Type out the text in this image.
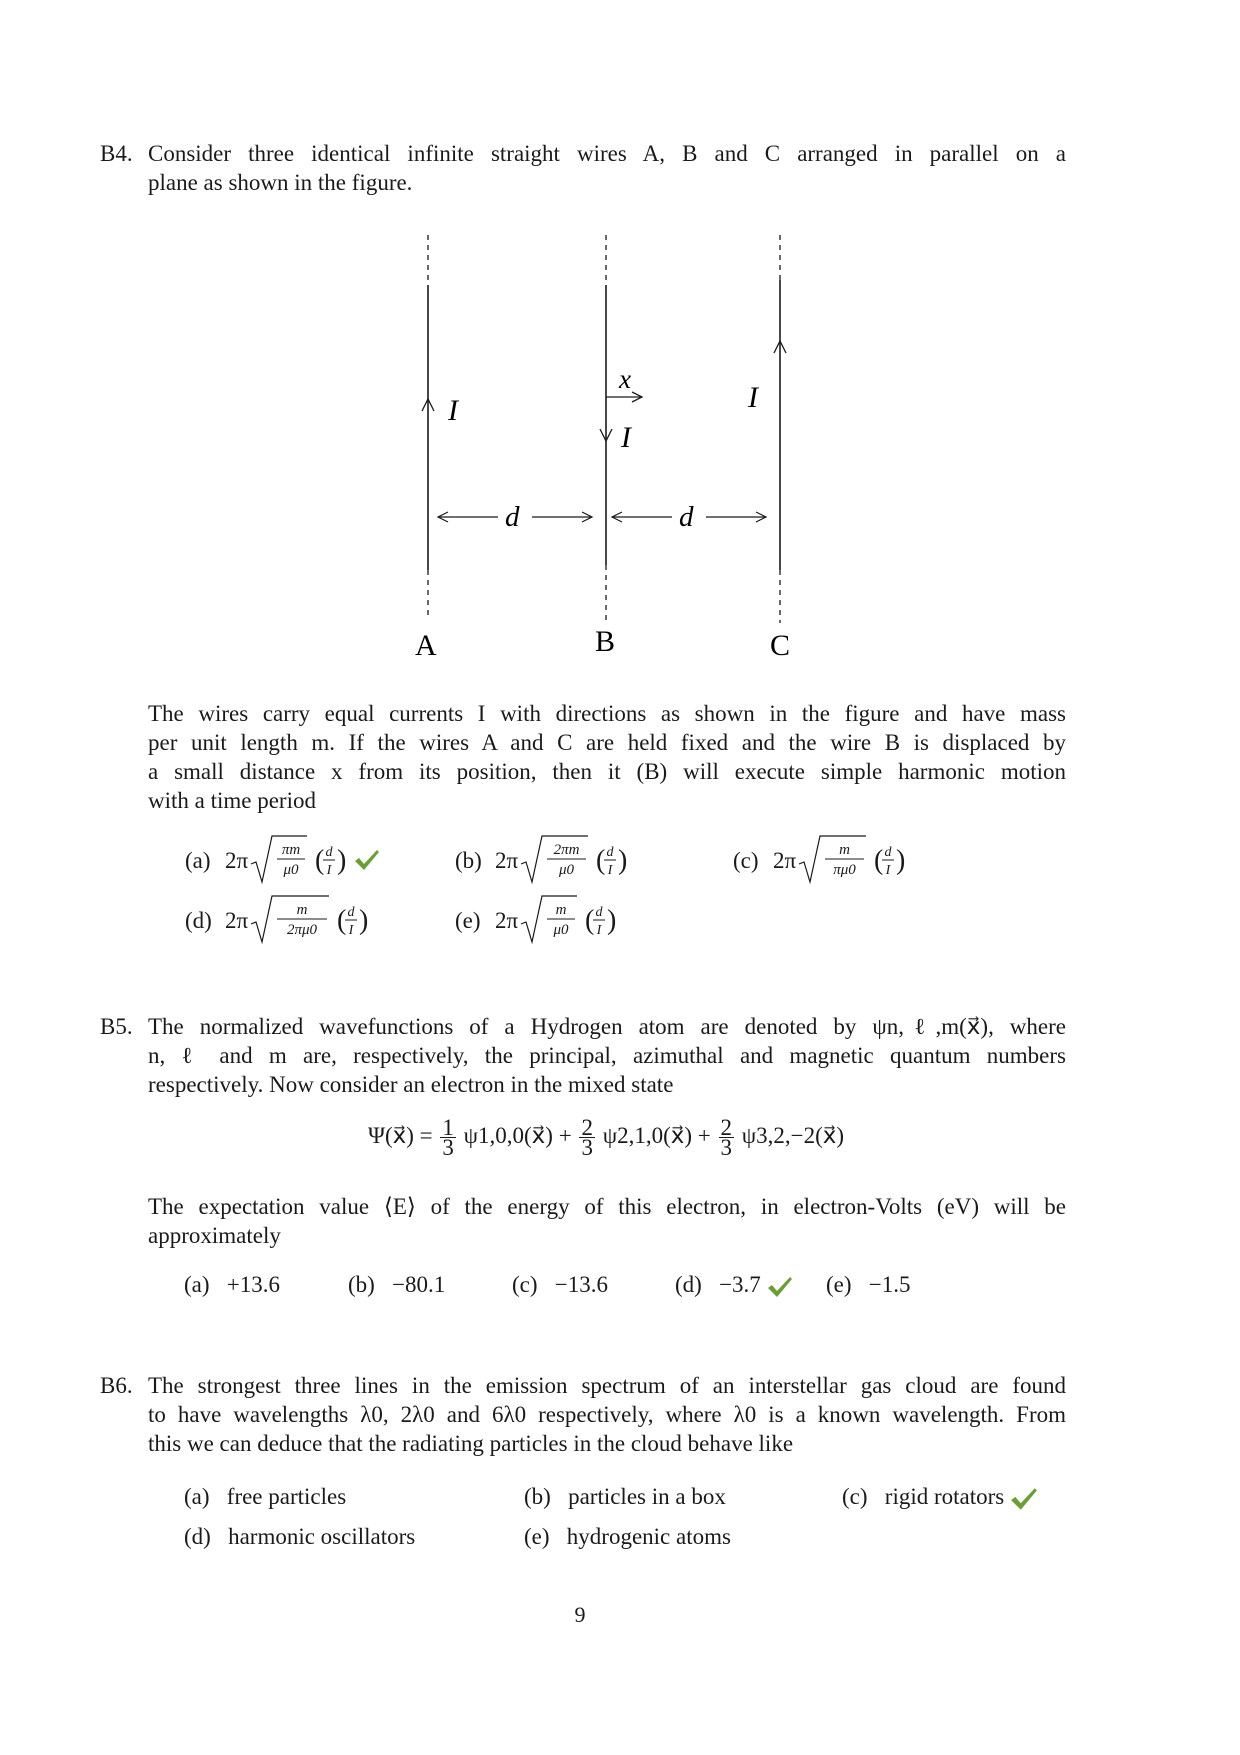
B4. Consider three identical infinite straight wires A, B and C arranged in parallel on a
plane as shown in the figure.
I
I
I
x
d	d
A	B	C
The wires carry equal currents I with directions as shown in the figure and have mass
per unit length m. If the wires A and C are held fixed and the wire B is displaced by
a small distance x from its position, then it (B) will execute simple harmonic motion
with a time period
(a) 2π πm
μ0 ( d
I )	(b) 2π 2πm
μ0 ( d
I )	(c) 2π	m
πμ0 ( d
I )
(d) 2π	m
2πμ0 ( d
I )	(e) 2π m
μ0 ( d
I )
B5. The normalized wavefunctions of a Hydrogen atom are denoted by ψn,ℓ,m(x⃗), where
n, ℓ and m are, respectively, the principal, azimuthal and magnetic quantum numbers
respectively. Now consider an electron in the mixed state
Ψ(x⃗) = $\frac{1}{3}$ ψ1,0,0(x⃗) + $\frac{2}{3}$ ψ2,1,0(x⃗) + $\frac{2}{3}$ ψ3,2,−2(x⃗)
The expectation value ⟨E⟩ of the energy of this electron, in electron-Volts (eV) will be
approximately
(a) +13.6	(b) −80.1	(c) −13.6	(d) −3.7	(e) −1.5
B6. The strongest three lines in the emission spectrum of an interstellar gas cloud are found
to have wavelengths λ0, 2λ0 and 6λ0 respectively, where λ0 is a known wavelength. From
this we can deduce that the radiating particles in the cloud behave like
(a) free particles	(b) particles in a box	(c) rigid rotators
(d) harmonic oscillators	(e) hydrogenic atoms
9
